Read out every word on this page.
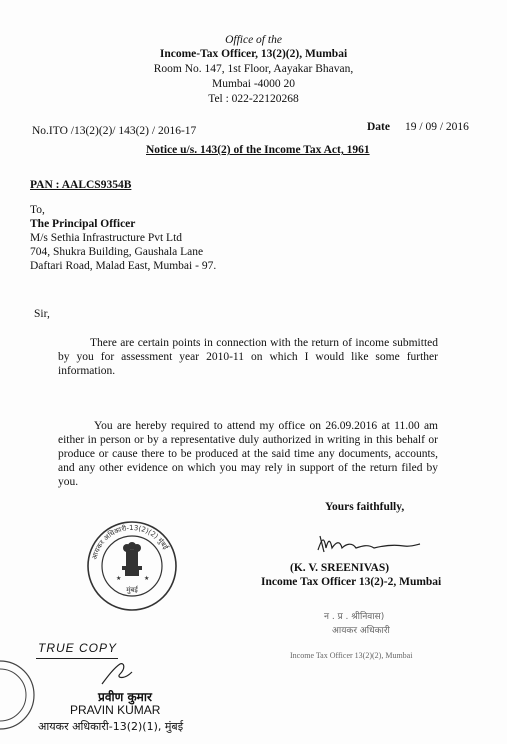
Office of the
Income-Tax Officer, 13(2)(2), Mumbai
Room No. 147, 1st Floor, Aayakar Bhavan,
Mumbai -4000 20
Tel : 022-22120268
No.ITO /13(2)(2)/ 143(2) / 2016-17	Date 19 / 09 / 2016
Notice u/s. 143(2) of the Income Tax Act, 1961
PAN : AALCS9354B
To,
The Principal Officer
M/s Sethia Infrastructure Pvt Ltd
704, Shukra Building, Gaushala Lane
Daftari Road, Malad East, Mumbai - 97.
Sir,
There are certain points in connection with the return of income submitted by you for assessment year 2010-11 on which I would like some further information.
You are hereby required to attend my office on 26.09.2016 at 11.00 am either in person or by a representative duly authorized in writing in this behalf or produce or cause there to be produced at the said time any documents, accounts, and any other evidence on which you may rely in support of the return filed by you.
Yours faithfully,
(K. V. SREENIVAS)
Income Tax Officer 13(2)-2, Mumbai
आयकर अधिकारी-13(2)(2) मुंबई
मुंबई
★	★
न . प्र . श्रीनिवास)
आयकर अधिकारी
Income Tax Officer 13(2)(2), Mumbai
TRUE COPY
प्रवीण कुमार
PRAVIN KUMAR
आयकर अधिकारी-13(2)(1), मुंबई
